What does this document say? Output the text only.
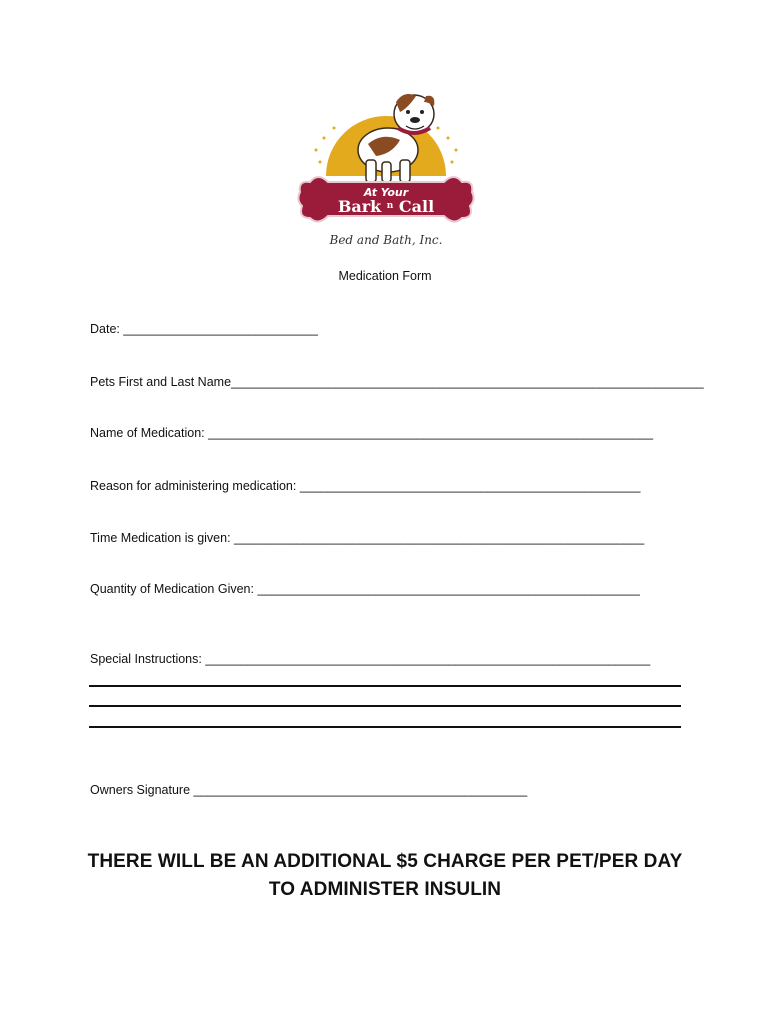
At Your
Bark $^n$ Call
Bed and Bath, Inc.
Medication Form
Date: ____________________________
Pets First and Last Name____________________________________________________________________
Name of Medication: ________________________________________________________________
Reason for administering medication: _________________________________________________
Time Medication is given: ___________________________________________________________
Quantity of Medication Given: _______________________________________________________
Special Instructions: ________________________________________________________________
Owners Signature ________________________________________________
THERE WILL BE AN ADDITIONAL $5 CHARGE PER PET/PER DAY
TO ADMINISTER INSULIN
